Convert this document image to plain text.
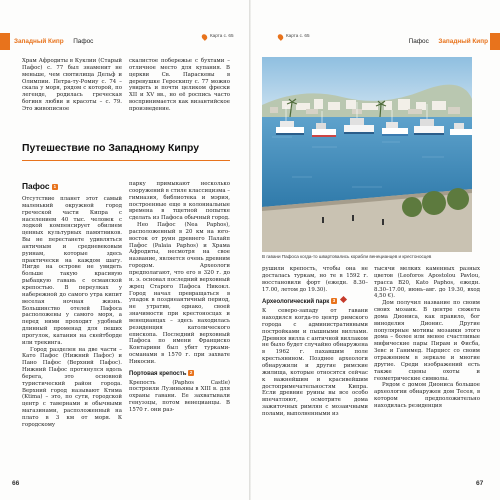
Западный Кипр Пафос
Карта с. 65

Храм Афродиты в Куклии (Старый Пафос) с. 77 был знаменит не меньше, чем святилища Дельф и Олимпии. Петра-ту-Ромиу с. 74 – скала у моря, рядом с которой, по легенде, родилась греческая богиня любви и красоты – с. 79. Это живописное

скалистое побережье с бухтами – отличное место для купания. В церкви Св. Параскевы в деревушке Героскипу с. 77 можно увидеть и почти целиком фрески XII и XV вв., но её роспись часто воспринимается как византийское произведение.

Путешествие по Западному Кипру
Пафос 1

Отсутствие планет этот самый маленький окружной город греческой части Кипра с населением 40 тыс. человек с лодкой компенсирует обилием ценных культурных памятников. Вы не перестанете удивляться античным и средневековым руинам, которые здесь практически на каждом шагу. Нигде на острове не увидеть больше такую красивую рыбацкую гавань с османской крепостью. В переулках у набережной до самого утра кипит веселая ночная жизнь. Большинство отелей Пафоса расположены у самого моря, а перед ними проходит удобный длинный променад для пеших прогулок, катания на скейтборде или трекинга.

Город разделен на две части – Като Пафос (Нижний Пафос) и Пано Пафос (Верхний Пафос). Нижний Пафос протянулся вдоль берега, это основной туристический район города. Верхний город называют Ктима (Ktima) – это, по сути, городской центр с тавернами и обычными магазинами, расположенный на плато в 3 км от моря. К городскому

парку примыкают несколько сооружений в стиле классицизма – гимназия, библиотека и мэрия, построенные еще в колониальные времена в тщетной попытке сделать из Пафоса обычный город.

Нео Пафос (Nea Paphos), расположенный в 20 км на юго-восток от руин древнего Палайп Пафос (Palaia Paphos) и Храма Афродиты, несмотря на свое название, является очень древним городом. Археологи предполагают, что его в 320 г. до н. э. основал последний верховный жрец Старого Пафоса Никокл. Город начал превращаться в упадок в позднеантичный период, не утратив, однако, своей значимости при крестоносцах и венецианцах – здесь находилась резиденция католического епископа. Последний верховный Пафоса по имени Франциско Контарини был убит турками-османами в 1570 г. при захвате Никосии.

Портовая крепость 2

Крепость (Paphos Castle) построили Лузиньяны в XIII в. для охраны гавани. Ее захватывали генуэзцы, потом венецианцы. В 1570 г. они раз-

66
Карта с. 65
Пафос Западный Кипр
В гавани Пафоса когда-то швартовались корабли венецианцев и крестоносцев

рушили крепость, чтобы она не досталась туркам, но те в 1592 г. восстановили форт (ежедн. 8.30–17.00, летом до 19.30).

Археологический парк 3

К северо-западу от гавани находился когда-то центр римского города с административными постройками и пышными виллами. Древняя вилла с античной виллаком не было будет случайно обнаружена в 1962 г. пахавшим поле крестьянином. Позднее археологи обнаружили и другие римские жилища, которые относятся сейчас к важнейшим и красивейшим достопримечательностям Кипра. Если древние руины вы все особо впечатляют, осмотрите дома зажиточных римлян с мозаичными полами, выполненными из

тысячи мелких каменных разных цветов (Leoforos Apostolou Pavlou, трасса B20, Kato Paphos, ежедн. 8.30–17.00, июнь–авг. до 19.30, вход 4,50 €).

Дом получил название по своим своих мозаик. В центре сюжета дома Диониса, как правило, бог виноделия Дионис. Другие популярные мотивы мозаики этого дома – более или менее счастливые мифические пары Пирам и Фисба, Зевс и Ганимед. Нарцисс со своим отражением в зеркале и многие другие. Среди изображений есть также сцены охоты и геометрические символы.

Рядом с домом Диониса большое археологии обнаружен дом Тесея, в котором предположительно находилась резиденция

67
